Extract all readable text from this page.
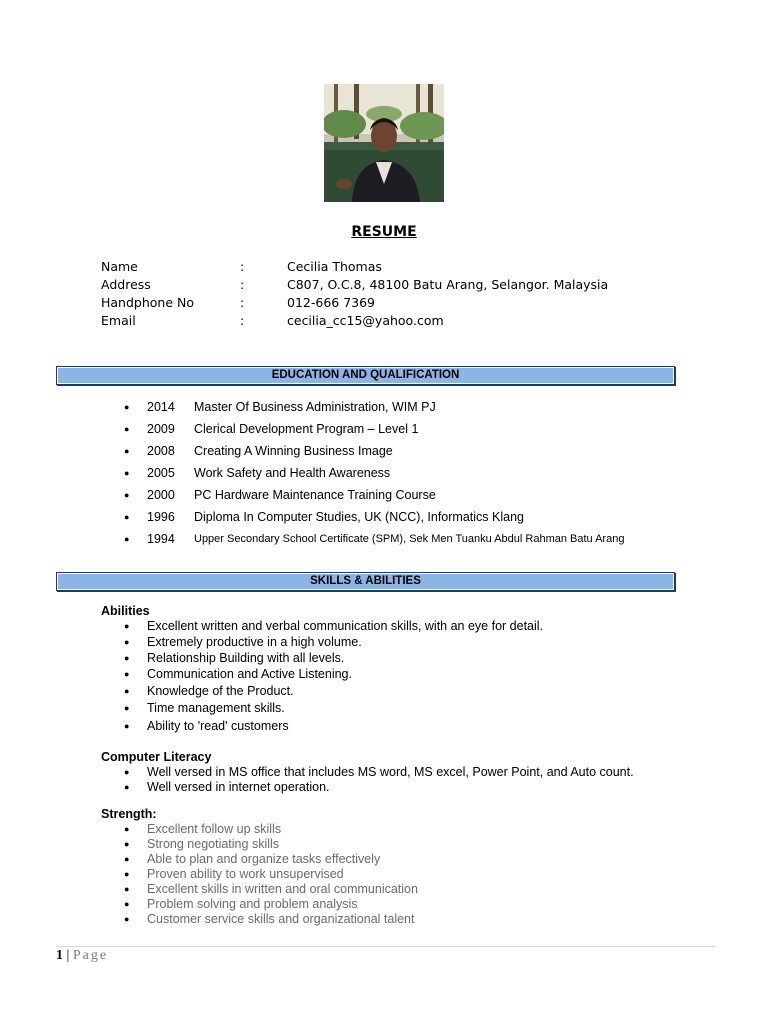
RESUME
Name	:	Cecilia Thomas
Address	:	C807, O.C.8, 48100 Batu Arang, Selangor. Malaysia
Handphone No	:	012-666 7369
Email	:	cecilia_cc15@yahoo.com
EDUCATION AND QUALIFICATION
● 2014 Master Of Business Administration, WIM PJ
● 2009 Clerical Development Program – Level 1
● 2008 Creating A Winning Business Image
● 2005 Work Safety and Health Awareness
● 2000 PC Hardware Maintenance Training Course
● 1996 Diploma In Computer Studies, UK (NCC), Informatics Klang
● 1994 Upper Secondary School Certificate (SPM), Sek Men Tuanku Abdul Rahman Batu Arang
SKILLS & ABILITIES
Abilities
● Excellent written and verbal communication skills, with an eye for detail.
● Extremely productive in a high volume.
● Relationship Building with all levels.
● Communication and Active Listening.
● Knowledge of the Product.
● Time management skills.
● Ability to 'read' customers
Computer Literacy
● Well versed in MS office that includes MS word, MS excel, Power Point, and Auto count.
● Well versed in internet operation.
Strength:
● Excellent follow up skills
● Strong negotiating skills
● Able to plan and organize tasks effectively
● Proven ability to work unsupervised
● Excellent skills in written and oral communication
● Problem solving and problem analysis
● Customer service skills and organizational talent
1 | Page
